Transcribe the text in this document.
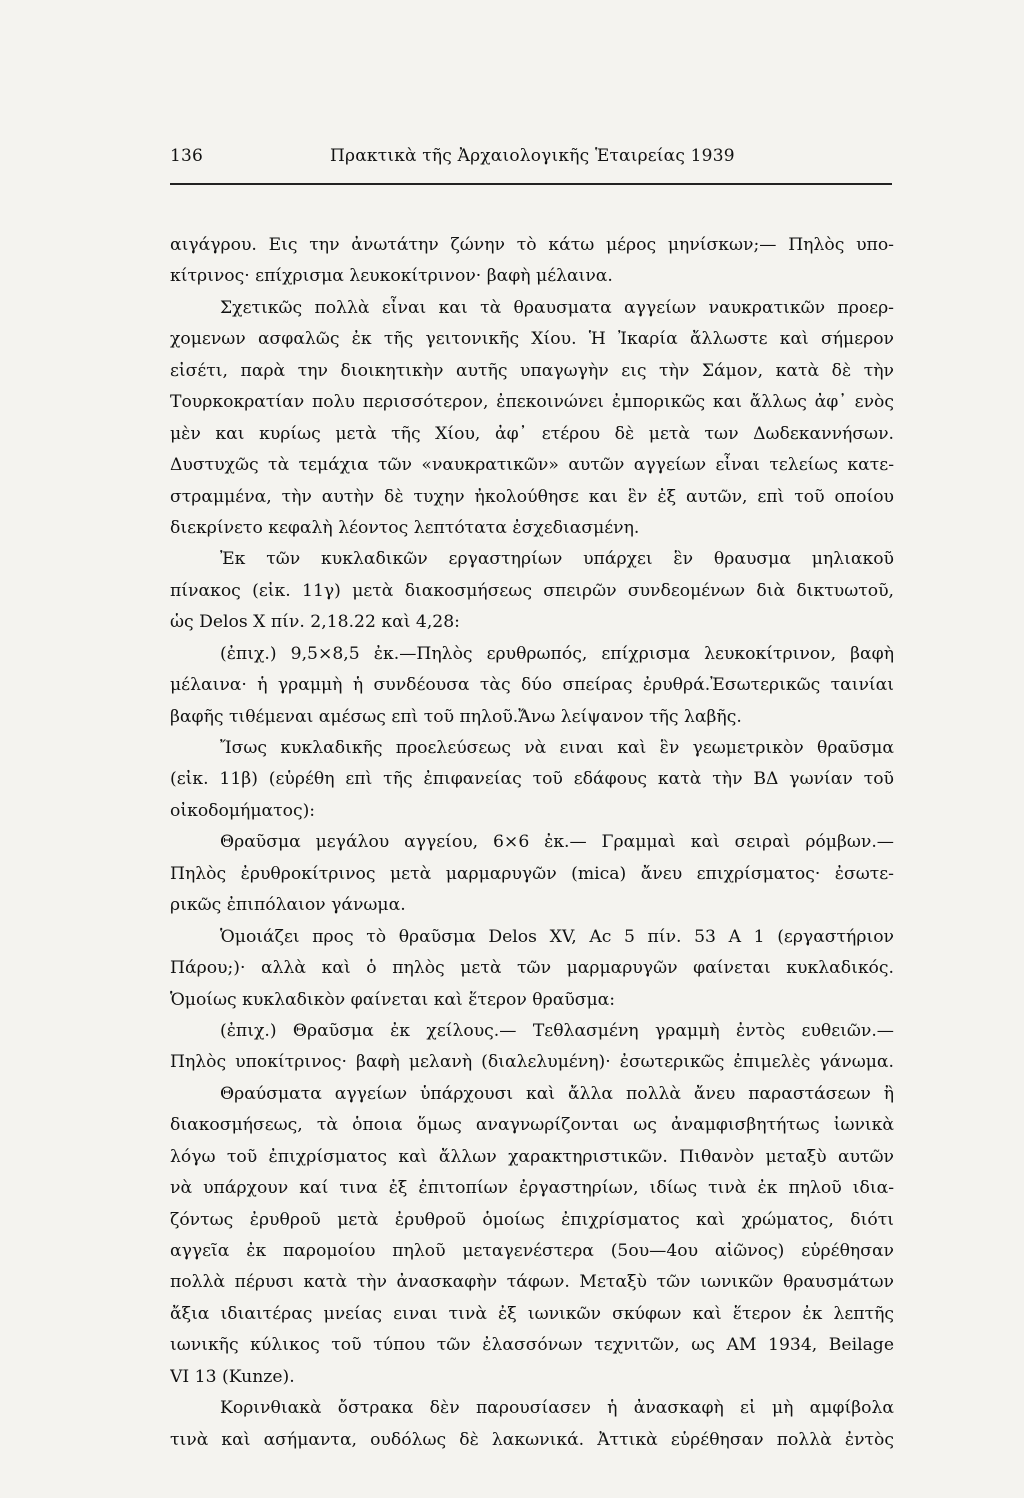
136	Πρακτικὰ τῆς Ἀρχαιολογικῆς Ἑταιρείας 1939
αιγάγρου. Εις την ἀνωτάτην ζώνην τὸ κάτω μέρος μηνίσκων;— Πηλὸς υπο-
κίτρινος· επίχρισμα λευκοκίτρινον· βαφὴ μέλαινα.
Σχετικῶς πολλὰ εἶναι και τὰ θραυσματα αγγείων ναυκρατικῶν προερ-
χομενων ασφαλῶς ἐκ τῆς γειτονικῆς Χίου. Ἡ Ἰκαρία ἄλλωστε καὶ σήμερον
εἰσέτι, παρὰ την διοικητικὴν αυτῆς υπαγωγὴν εις τὴν Σάμον, κατὰ δὲ τὴν
Τουρκοκρατίαν πολυ περισσότερον, ἐπεκοινώνει ἐμπορικῶς και ἄλλως ἀφ᾽ ενὸς
μὲν και κυρίως μετὰ τῆς Χίου, ἀφ᾽ ετέρου δὲ μετὰ των Δωδεκαννήσων.
Δυστυχῶς τὰ τεμάχια τῶν «ναυκρατικῶν» αυτῶν αγγείων εἶναι τελείως κατε-
στραμμένα, τὴν αυτὴν δὲ τυχην ἠκολούθησε και ἓν ἐξ αυτῶν, επὶ τοῦ οποίου
διεκρίνετο κεφαλὴ λέοντος λεπτότατα ἐσχεδιασμένη.
Ἐκ τῶν κυκλαδικῶν εργαστηρίων υπάρχει ἓν θραυσμα μηλιακοῦ
πίνακος (εἰκ. 11γ) μετὰ διακοσμήσεως σπειρῶν συνδεομένων διὰ δικτυωτοῦ,
ὡς Delos X πίν. 2,18.22 καὶ 4,28:
(ἐπιχ.) 9,5×8,5 ἐκ.—Πηλὸς ερυθρωπός, επίχρισμα λευκοκίτρινον, βαφὴ
μέλαινα· ἡ γραμμὴ ἡ συνδέουσα τὰς δύο σπείρας ἐρυθρά.Ἐσωτερικῶς ταινίαι
βαφῆς τιθέμεναι αμέσως επὶ τοῦ πηλοῦ.Ἄνω λείψανον τῆς λαβῆς.
Ἴσως κυκλαδικῆς προελεύσεως νὰ ειναι καὶ ἓν γεωμετρικὸν θραῦσμα
(εἰκ. 11β) (εὑρέθη επὶ τῆς ἐπιφανείας τοῦ εδάφους κατὰ τὴν ΒΔ γωνίαν τοῦ
οἰκοδομήματος):
Θραῦσμα μεγάλου αγγείου, 6×6 ἐκ.— Γραμμαὶ καὶ σειραὶ ρόμβων.—
Πηλὸς ἐρυθροκίτρινος μετὰ μαρμαρυγῶν (mica) ἄνευ επιχρίσματος· ἐσωτε-
ρικῶς ἐπιπόλαιον γάνωμα.
Ὁμοιάζει προς τὸ θραῦσμα Delos XV, Ac 5 πίν. 53 A 1 (εργαστήριον
Πάρου;)· αλλὰ καὶ ὁ πηλὸς μετὰ τῶν μαρμαρυγῶν φαίνεται κυκλαδικός.
Ὁμοίως κυκλαδικὸν φαίνεται καὶ ἕτερον θραῦσμα:
(ἐπιχ.) Θραῦσμα ἐκ χείλους.— Τεθλασμένη γραμμὴ ἐντὸς ευθειῶν.—
Πηλὸς υποκίτρινος· βαφὴ μελανὴ (διαλελυμένη)· ἐσωτερικῶς ἐπιμελὲς γάνωμα.
Θραύσματα αγγείων ὑπάρχουσι καὶ ἄλλα πολλὰ ἄνευ παραστάσεων ἢ
διακοσμήσεως, τὰ ὁποια ὅμως αναγνωρίζονται ως ἀναμφισβητήτως ἰωνικὰ
λόγω τοῦ ἐπιχρίσματος καὶ ἄλλων χαρακτηριστικῶν. Πιθανὸν μεταξὺ αυτῶν
νὰ υπάρχουν καί τινα ἐξ ἐπιτοπίων ἐργαστηρίων, ιδίως τινὰ ἐκ πηλοῦ ιδια-
ζόντως ἐρυθροῦ μετὰ ἐρυθροῦ ὁμοίως ἐπιχρίσματος καὶ χρώματος, διότι
αγγεῖα ἐκ παρομοίου πηλοῦ μεταγενέστερα (5ου—4ου αἰῶνος) εὑρέθησαν
πολλὰ πέρυσι κατὰ τὴν ἀνασκαφὴν τάφων. Μεταξὺ τῶν ιωνικῶν θραυσμάτων
ἄξια ιδιαιτέρας μνείας ειναι τινὰ ἐξ ιωνικῶν σκύφων καὶ ἕτερον ἐκ λεπτῆς
ιωνικῆς κύλικος τοῦ τύπου τῶν ἐλασσόνων τεχνιτῶν, ως AM 1934, Beilage
VI 13 (Kunze).
Κορινθιακὰ ὄστρακα δὲν παρουσίασεν ἡ ἀνασκαφὴ εἰ μὴ αμφίβολα
τινὰ καὶ ασήμαντα, ουδόλως δὲ λακωνικά. Ἀττικὰ εὑρέθησαν πολλὰ ἐντὸς
